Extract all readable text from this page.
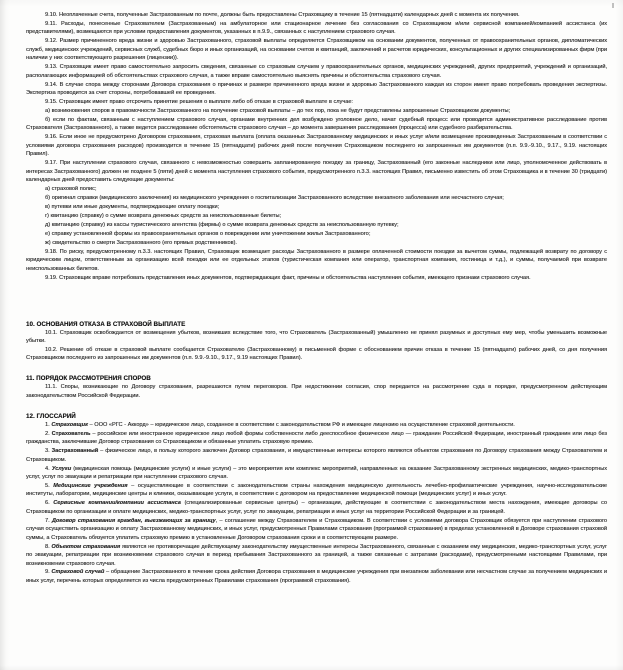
9.10. Неоплаченные счета, полученные Застрахованным по почте, должны быть предоставлены Страховщику в течение 15 (пятнадцати) календарных дней с момента их получения.

9.11. Расходы, понесенные Страхователем (Застрахованным) на амбулаторное или стационарное лечение без согласования со Страховщиком и/или сервисной компанией/компанией ассистанса (их представителями), возмещаются при условии предоставления документов, указанных в п.9.9., связанных с наступлением страхового случая.

9.12. Размер причиненного вреда жизни и здоровью Застрахованного, страховой выплаты определяется Страховщиком на основании документов, полученных от правоохранительных органов, дипломатических служб, медицинских учреждений, сервисных служб, судебных бюро и иных организаций, на основании счетов и квитанций, заключений и расчетов юридических, консультационных и других специализированных фирм (при наличии у них соответствующего разрешения (лицензии)).

9.13. Страховщик имеет право самостоятельно запросить сведения, связанные со страховым случаем у правоохранительных органов, медицинских учреждений, других предприятий, учреждений и организаций, располагающих информацией об обстоятельствах страхового случая, а также вправе самостоятельно выяснять причины и обстоятельства страхового случая.

9.14. В случае спора между сторонами Договора страхования о причинах и размере причиненного вреда жизни и здоровью Застрахованного каждая из сторон имеет право потребовать проведения экспертизы. Экспертиза проводится за счет стороны, потребовавшей ее проведения.

9.15. Страховщик имеет право отсрочить принятие решения о выплате либо об отказе в страховой выплате в случае:

а) возникновения споров в правомочности Застрахованного на получение страховой выплаты – до тех пор, пока не будут представлены запрошенные Страховщиком документы;

б) если по фактам, связанным с наступлением страхового случая, органами внутренних дел возбуждено уголовное дело, начат судебный процесс или проводится административное расследование против Страхователя (Застрахованного), а также ведется расследование обстоятельств страхового случая – до момента завершения расследования (процесса) или судебного разбирательства.

9.16. Если иное не предусмотрено Договором страхования, страховая выплата (оплата оказанных Застрахованному медицинских и иных услуг и/или возмещение произведенных Застрахованным в соответствии с условиями договора страхования расходов) производится в течение 15 (пятнадцати) рабочих дней после получения Страховщиком последнего из запрошенных им документов (п.п. 9.9.-9.10., 9.17., 9.19. настоящих Правил).

9.17. При наступлении страхового случая, связанного с невозможностью совершить запланированную поездку за границу, Застрахованный (его законные наследники или лицо, уполномоченное действовать в интересах Застрахованного) должен не позднее 5 (пяти) дней с момента наступления страхового события, предусмотренного п.3.3. настоящих Правил, письменно известить об этом Страховщика и в течение 30 (тридцати) календарных дней предоставить следующие документы:

а) страховой полис;

б) оригинал справки (медицинского заключения) из медицинского учреждения о госпитализации Застрахованного вследствие внезапного заболевания или несчастного случая;

в) путевки или иные документы, подтверждающие оплату поездки;

г) квитанцию (справку) о сумме возврата денежных средств за неиспользованные билеты;

д) квитанцию (справку) из кассы туристического агентства (фирмы) о сумме возврата денежных средств за неиспользованную путевку;

е) справку установленной формы из правоохранительных органов о повреждении или уничтожении жилья Застрахованного;

ж) свидетельство о смерти Застрахованного (его прямых родственников).

9.18. По риску, предусмотренному п.3.3. настоящих Правил, Страховщик возмещает расходы Застрахованного в размере оплаченной стоимости поездки за вычетом суммы, подлежащей возврату по договору с юридическим лицом, ответственным за организацию всей поездки или ее отдельных этапов (туристическая компания или оператор, транспортная компания, гостиница и т.д.), и суммы, получаемой при возврате неиспользованных билетов.

9.19. Страховщик вправе потребовать представления иных документов, подтверждающих факт, причины и обстоятельства наступления события, имеющего признаки страхового случая.

10. ОСНОВАНИЯ ОТКАЗА В СТРАХОВОЙ ВЫПЛАТЕ

10.1. Страховщик освобождается от возмещения убытков, возникших вследствие того, что Страхователь (Застрахованный) умышленно не принял разумных и доступных ему мер, чтобы уменьшить возможные убытки.

10.2. Решение об отказе в страховой выплате сообщается Страхователю (Застрахованному) в письменной форме с обоснованием причин отказа в течение 15 (пятнадцати) рабочих дней, со дня получения Страховщиком последнего из запрошенных им документов (п.п. 9.9.-9.10., 9.17., 9.19 настоящих Правил).

11. ПОРЯДОК РАССМОТРЕНИЯ СПОРОВ

11.1. Споры, возникающие по Договору страхования, разрешаются путем переговоров. При недостижении согласия, спор передается на рассмотрение суда в порядке, предусмотренном действующим законодательством Российской Федерации.

12. ГЛОССАРИЙ

1. Страховщик – ООО «РГС - Аккорд» – юридическое лицо, созданное в соответствии с законодательством РФ и имеющее лицензию на осуществление страховой деятельности.

2. Страхователь – российское или иностранное юридическое лицо любой формы собственности либо дееспособное физическое лицо — гражданин Российской Федерации, иностранный гражданин или лицо без гражданства, заключившие Договор страхования со Страховщиком и обязанные уплатить страховую премию.

3. Застрахованный – физическое лицо, в пользу которого заключен Договор страхования, и имущественные интересы которого являются объектом страхования по Договору страхования между Страхователем и Страховщиком.

4. Услуги (медицинская помощь (медицинские услуги) и иные услуги) – это мероприятия или комплекс мероприятий, направленных на оказание Застрахованному экстренных медицинских, медико-транспортных услуг, услуг по эвакуации и репатриации при наступлении страхового случая.

5. Медицинские учреждения – осуществляющие в соответствии с законодательством страны нахождения медицинскую деятельность лечебно-профилактические учреждения, научно-исследовательские институты, лаборатории, медицинские центры и клиники, оказывающие услуги, в соответствии с договором на предоставление медицинской помощи (медицинских услуг) и иных услуг.

6. Сервисные компании/компании ассистанса (специализированные сервисные центры) – организации, действующие в соответствии с законодательством места нахождения, имеющие договоры со Страховщиком по организации и оплате медицинских, медико-транспортных услуг, услуг по эвакуации, репатриации и иных услуг на территории Российской Федерации и за границей.

7. Договор страхования граждан, выезжающих за границу, – соглашение между Страхователем и Страховщиком. В соответствии с условиями договора Страховщик обязуется при наступлении страхового случая осуществить организацию и оплату Застрахованному медицинских, и иных услуг, предусмотренных Правилами страхования (программой страхования) в пределах установленной в Договоре страхования страховой суммы, а Страхователь обязуется уплатить страховую премию в установленные Договором страхования сроки и в соответствующем размере.

8. Объектом страхования являются не противоречащие действующему законодательству имущественные интересы Застрахованного, связанные с оказанием ему медицинских, медико-транспортных услуг, услуг по эвакуации, репатриации при возникновении страхового случая в период пребывания Застрахованного за границей, а также связанные с затратами (расходами), предусмотренными настоящими Правилами, при возникновении страхового случая.

9. Страховой случай – обращение Застрахованного в течение срока действия Договора страхования в медицинские учреждения при внезапном заболевании или несчастном случае за получением медицинских и иных услуг, перечень которых определяется из числа предусмотренных Правилами страхования (программой страхования).
